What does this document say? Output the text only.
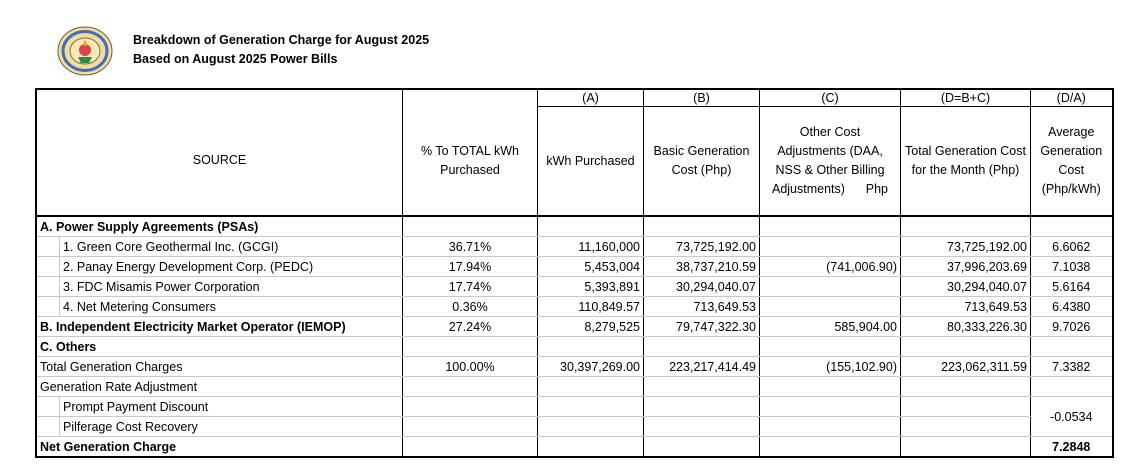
Breakdown of Generation Charge for August 2025
Based on August 2025 Power Bills
			(A)	(B)	(C)	(D=B+C)	(D/A)
SOURCE		% To TOTAL kWh Purchased	kWh Purchased	Basic Generation Cost (Php)	Other Cost
Adjustments (DAA,
NSS & Other Billing
Adjustments)      Php	Total Generation Cost for the Month (Php)	Average Generation Cost (Php/kWh)
A. Power Supply Agreements (PSAs)							
	1. Green Core Geothermal Inc. (GCGI)	36.71%	11,160,000	73,725,192.00		73,725,192.00	6.6062
	2. Panay Energy Development Corp. (PEDC)	17.94%	5,453,004	38,737,210.59	(741,006.90)	37,996,203.69	7.1038
	3. FDC Misamis Power Corporation	17.74%	5,393,891	30,294,040.07		30,294,040.07	5.6164
	4. Net Metering Consumers	0.36%	110,849.57	713,649.53		713,649.53	6.4380
B. Independent Electricity Market Operator (IEMOP)		27.24%	8,279,525	79,747,322.30	585,904.00	80,333,226.30	9.7026
C. Others							
Total Generation Charges		100.00%	30,397,269.00	223,217,414.49	(155,102.90)	223,062,311.59	7.3382
Generation Rate Adjustment							
	Prompt Payment Discount						-0.0534
	Pilferage Cost Recovery						
Net Generation Charge							7.2848
